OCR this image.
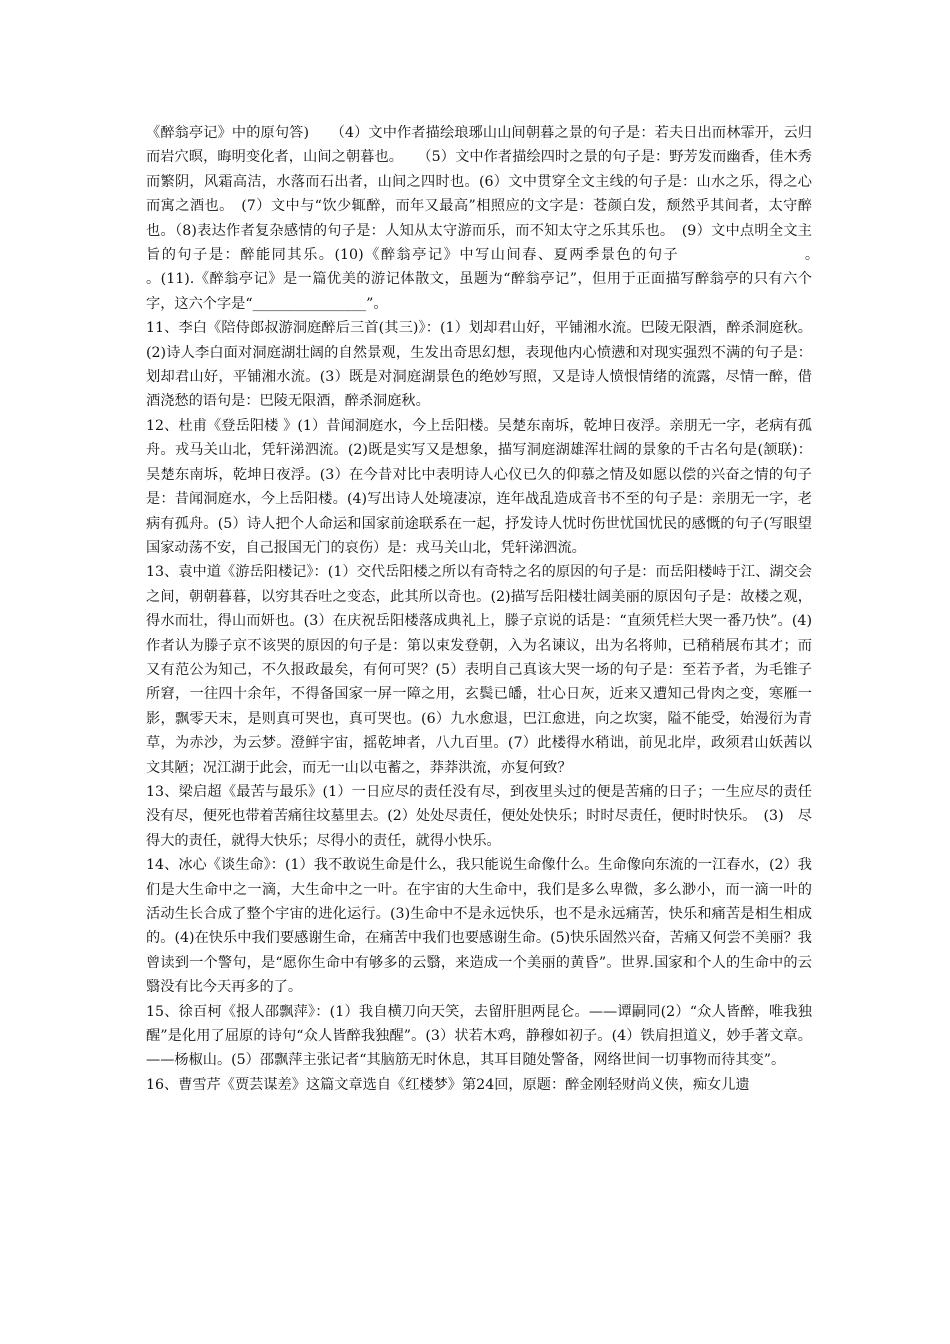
《醉翁亭记》中的原句答)　　（4）文中作者描绘琅琊山山间朝暮之景的句子是：若夫日出而林霏开，云归而岩穴暝，晦明变化者，山间之朝暮也。　　（5）文中作者描绘四时之景的句子是：野芳发而幽香，佳木秀而繁阴，风霜高洁，水落而石出者，山间之四时也。(6）文中贯穿全文主线的句子是：山水之乐，得之心而寓之酒也。　(7）文中与“饮少辄醉，而年又最高”相照应的文字是：苍颜白发，颓然乎其间者，太守醉也。（8)表达作者复杂感情的句子是：人知从太守游而乐，而不知太守之乐其乐也。　(9）文中点明全文主旨的句子是：醉能同其乐。(10)《醉翁亭记》中写山间春、夏两季景色的句子　　　　　　　　。　　　　　　　。(11).《醉翁亭记》是一篇优美的游记体散文，虽题为“醉翁亭记”，但用于正面描写醉翁亭的只有六个字，这六个字是“________________”。

11、李白《陪侍郎叔游洞庭醉后三首(其三)》：(1）划却君山好，平铺湘水流。巴陵无限酒，醉杀洞庭秋。(2)诗人李白面对洞庭湖壮阔的自然景观，生发出奇思幻想，表现他内心愤懑和对现实强烈不满的句子是：划却君山好，平铺湘水流。(3）既是对洞庭湖景色的绝妙写照，又是诗人愤恨情绪的流露，尽情一醉，借酒浇愁的语句是：巴陵无限酒，醉杀洞庭秋。

12、杜甫《登岳阳楼 》(1）昔闻洞庭水，今上岳阳楼。吴楚东南坼，乾坤日夜浮。亲朋无一字，老病有孤舟。戎马关山北，凭轩涕泗流。(2)既是实写又是想象，描写洞庭湖雄浑壮阔的景象的千古名句是(颔联)：吴楚东南坼，乾坤日夜浮。(3）在今昔对比中表明诗人心仪已久的仰慕之情及如愿以偿的兴奋之情的句子是：昔闻洞庭水，今上岳阳楼。(4)写出诗人处境凄凉，连年战乱造成音书不至的句子是：亲朋无一字，老病有孤舟。(5）诗人把个人命运和国家前途联系在一起，抒发诗人忧时伤世忧国忧民的感慨的句子(写眼望国家动荡不安，自己报国无门的哀伤）是：戎马关山北，凭轩涕泗流。

13、袁中道《游岳阳楼记》：(1）交代岳阳楼之所以有奇特之名的原因的句子是：而岳阳楼峙于江、湖交会之间，朝朝暮暮，以穷其吞吐之变态，此其所以奇也。(2)描写岳阳楼壮阔美丽的原因句子是：故楼之观，得水而壮，得山而妍也。(3）在庆祝岳阳楼落成典礼上，滕子京说的话是：“直须凭栏大哭一番乃快”。(4)作者认为滕子京不该哭的原因的句子是：第以束发登朝，入为名谏议，出为名将帅，已稍稍展布其才；而又有范公为知己，不久报政最矣，有何可哭？(5）表明自己真该大哭一场的句子是：至若予者，为毛锥子所窘，一往四十余年，不得备国家一屏一障之用，玄鬓已皤，壮心日灰，近来又遭知己骨肉之变，寒雁一影，飘零天末，是则真可哭也，真可哭也。(6）九水愈退，巴江愈进，向之坎窦，隘不能受，始漫衍为青草，为赤沙，为云梦。澄鲜宇宙，摇乾坤者，八九百里。(7）此楼得水稍诎，前见北岸，政须君山妖茜以文其陋；况江湖于此会，而无一山以屯蓄之，莽莽洪流，亦复何致？

13、梁启超《最苦与最乐》(1）一日应尽的责任没有尽，到夜里头过的便是苦痛的日子；一生应尽的责任没有尽，便死也带着苦痛往坟墓里去。(2）处处尽责任，便处处快乐；时时尽责任，便时时快乐。　(3)　尽得大的责任，就得大快乐；尽得小的责任，就得小快乐。

14、冰心《谈生命》：(1）我不敢说生命是什么，我只能说生命像什么。生命像向东流的一江春水，(2）我们是大生命中之一滴，大生命中之一叶。在宇宙的大生命中，我们是多么卑微，多么渺小，而一滴一叶的活动生长合成了整个宇宙的进化运行。(3)生命中不是永远快乐，也不是永远痛苦，快乐和痛苦是相生相成的。(4)在快乐中我们要感谢生命，在痛苦中我们也要感谢生命。(5)快乐固然兴奋，苦痛又何尝不美丽？我曾读到一个警句，是“愿你生命中有够多的云翳，来造成一个美丽的黄昏”。世界.国家和个人的生命中的云翳没有比今天再多的了。

15、徐百柯《报人邵飘萍》：(1）我自横刀向天笑，去留肝胆两昆仑。——谭嗣同(2）“众人皆醉，唯我独醒”是化用了屈原的诗句“众人皆醉我独醒”。(3）状若木鸡，静穆如初子。(4）铁肩担道义，妙手著文章。——杨椒山。(5）邵飘萍主张记者“其脑筋无时休息，其耳目随处警备，网络世间一切事物而待其变”。

16、曹雪芹《贾芸谋差》这篇文章选自《红楼梦》第24回，原题：醉金刚轻财尚义侠，痴女儿遗
